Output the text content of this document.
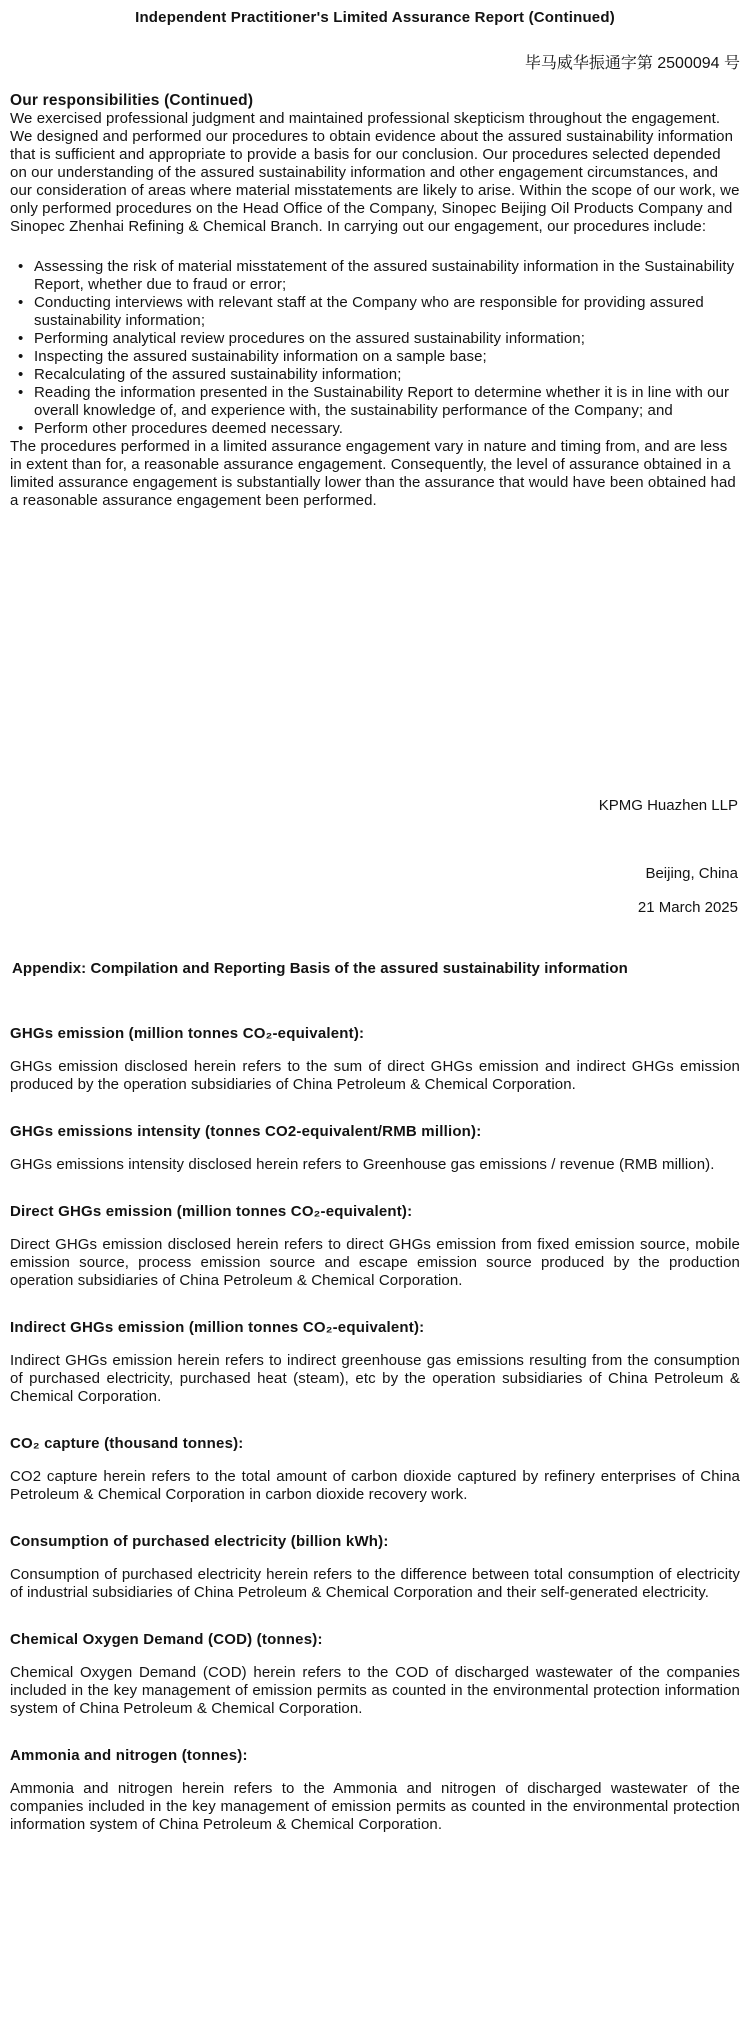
Independent Practitioner's Limited Assurance Report (Continued)
毕马威华振通字第 2500094 号
Our responsibilities (Continued)

We exercised professional judgment and maintained professional skepticism throughout the engagement. We designed and performed our procedures to obtain evidence about the assured sustainability information that is sufficient and appropriate to provide a basis for our conclusion. Our procedures selected depended on our understanding of the assured sustainability information and other engagement circumstances, and our consideration of areas where material misstatements are likely to arise. Within the scope of our work, we only performed procedures on the Head Office of the Company, Sinopec Beijing Oil Products Company and Sinopec Zhenhai Refining & Chemical Branch. In carrying out our engagement, our procedures include:

• Assessing the risk of material misstatement of the assured sustainability information in the Sustainability Report, whether due to fraud or error;
• Conducting interviews with relevant staff at the Company who are responsible for providing assured sustainability information;
• Performing analytical review procedures on the assured sustainability information;
• Inspecting the assured sustainability information on a sample base;
• Recalculating of the assured sustainability information;
• Reading the information presented in the Sustainability Report to determine whether it is in line with our overall knowledge of, and experience with, the sustainability performance of the Company; and
• Perform other procedures deemed necessary.

The procedures performed in a limited assurance engagement vary in nature and timing from, and are less in extent than for, a reasonable assurance engagement. Consequently, the level of assurance obtained in a limited assurance engagement is substantially lower than the assurance that would have been obtained had a reasonable assurance engagement been performed.

KPMG Huazhen LLP
Beijing, China
21 March 2025
Appendix: Compilation and Reporting Basis of the assured sustainability information
GHGs emission (million tonnes CO₂-equivalent):

GHGs emission disclosed herein refers to the sum of direct GHGs emission and indirect GHGs emission produced by the operation subsidiaries of China Petroleum & Chemical Corporation.

GHGs emissions intensity (tonnes CO2-equivalent/RMB million):

GHGs emissions intensity disclosed herein refers to Greenhouse gas emissions / revenue (RMB million).

Direct GHGs emission (million tonnes CO₂-equivalent):

Direct GHGs emission disclosed herein refers to direct GHGs emission from fixed emission source, mobile emission source, process emission source and escape emission source produced by the production operation subsidiaries of China Petroleum & Chemical Corporation.

Indirect GHGs emission (million tonnes CO₂-equivalent):

Indirect GHGs emission herein refers to indirect greenhouse gas emissions resulting from the consumption of purchased electricity, purchased heat (steam), etc by the operation subsidiaries of China Petroleum & Chemical Corporation.

CO₂ capture (thousand tonnes):

CO2 capture herein refers to the total amount of carbon dioxide captured by refinery enterprises of China Petroleum & Chemical Corporation in carbon dioxide recovery work.

Consumption of purchased electricity (billion kWh):

Consumption of purchased electricity herein refers to the difference between total consumption of electricity of industrial subsidiaries of China Petroleum & Chemical Corporation and their self-generated electricity.

Chemical Oxygen Demand (COD) (tonnes):

Chemical Oxygen Demand (COD) herein refers to the COD of discharged wastewater of the companies included in the key management of emission permits as counted in the environmental protection information system of China Petroleum & Chemical Corporation.

Ammonia and nitrogen (tonnes):

Ammonia and nitrogen herein refers to the Ammonia and nitrogen of discharged wastewater of the companies included in the key management of emission permits as counted in the environmental protection information system of China Petroleum & Chemical Corporation.
